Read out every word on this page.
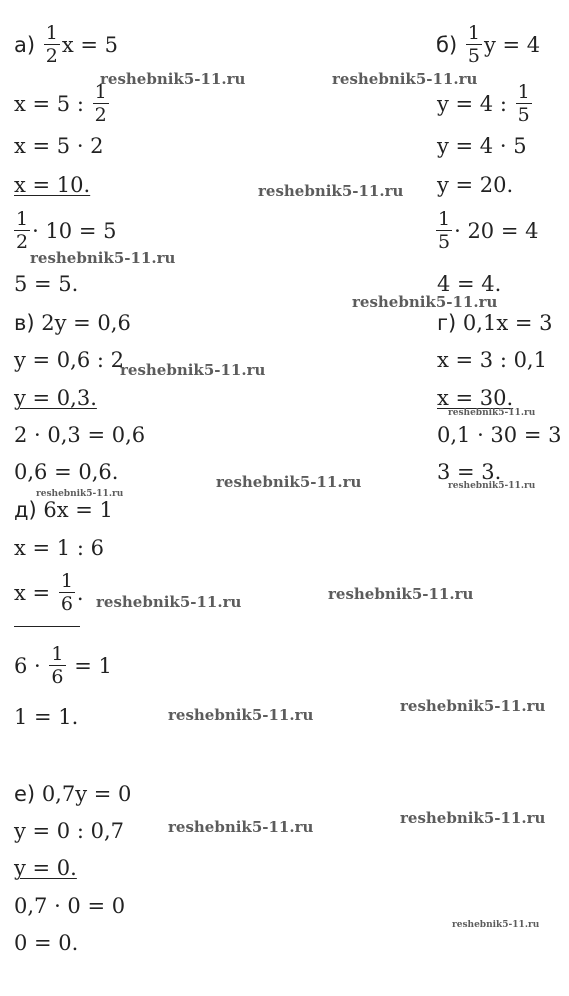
$а) \frac{1}{2}$ x = 5
x = 5 : $\frac{1}{2}$
x = 5 · 2
x = 10.
$\frac{1}{2} \cdot 10 = 5$
5 = 5.
$б) \frac{1}{5}$ y = 4
y = 4 : $\frac{1}{5}$
y = 4 · 5
y = 20.
$\frac{1}{5} \cdot 20 = 4$
4 = 4.
в) 2y = 0,6
y = 0,6 : 2
y = 0,3.
2 · 0,3 = 0,6
0,6 = 0,6.
г) 0,1x = 3
x = 3 : 0,1
x = 30.
0,1 · 30 = 3
3 = 3.
д) 6x = 1
x = 1 : 6
$x = \frac{1}{6}$ .
$6 \cdot \frac{1}{6} = 1$
1 = 1.
е) 0,7y = 0
y = 0 : 0,7
y = 0.
0,7 · 0 = 0
0 = 0.
reshebnik5-11.ru	reshebnik5-11.ru
reshebnik5-11.ru
reshebnik5-11.ru
reshebnik5-11.ru
reshebnik5-11.ru
reshebnik5-11.ru
reshebnik5-11.ru	reshebnik5-11.ru
reshebnik5-11.ru
reshebnik5-11.ru	reshebnik5-11.ru
reshebnik5-11.ru	reshebnik5-11.ru
reshebnik5-11.ru	reshebnik5-11.ru
reshebnik5-11.ru
